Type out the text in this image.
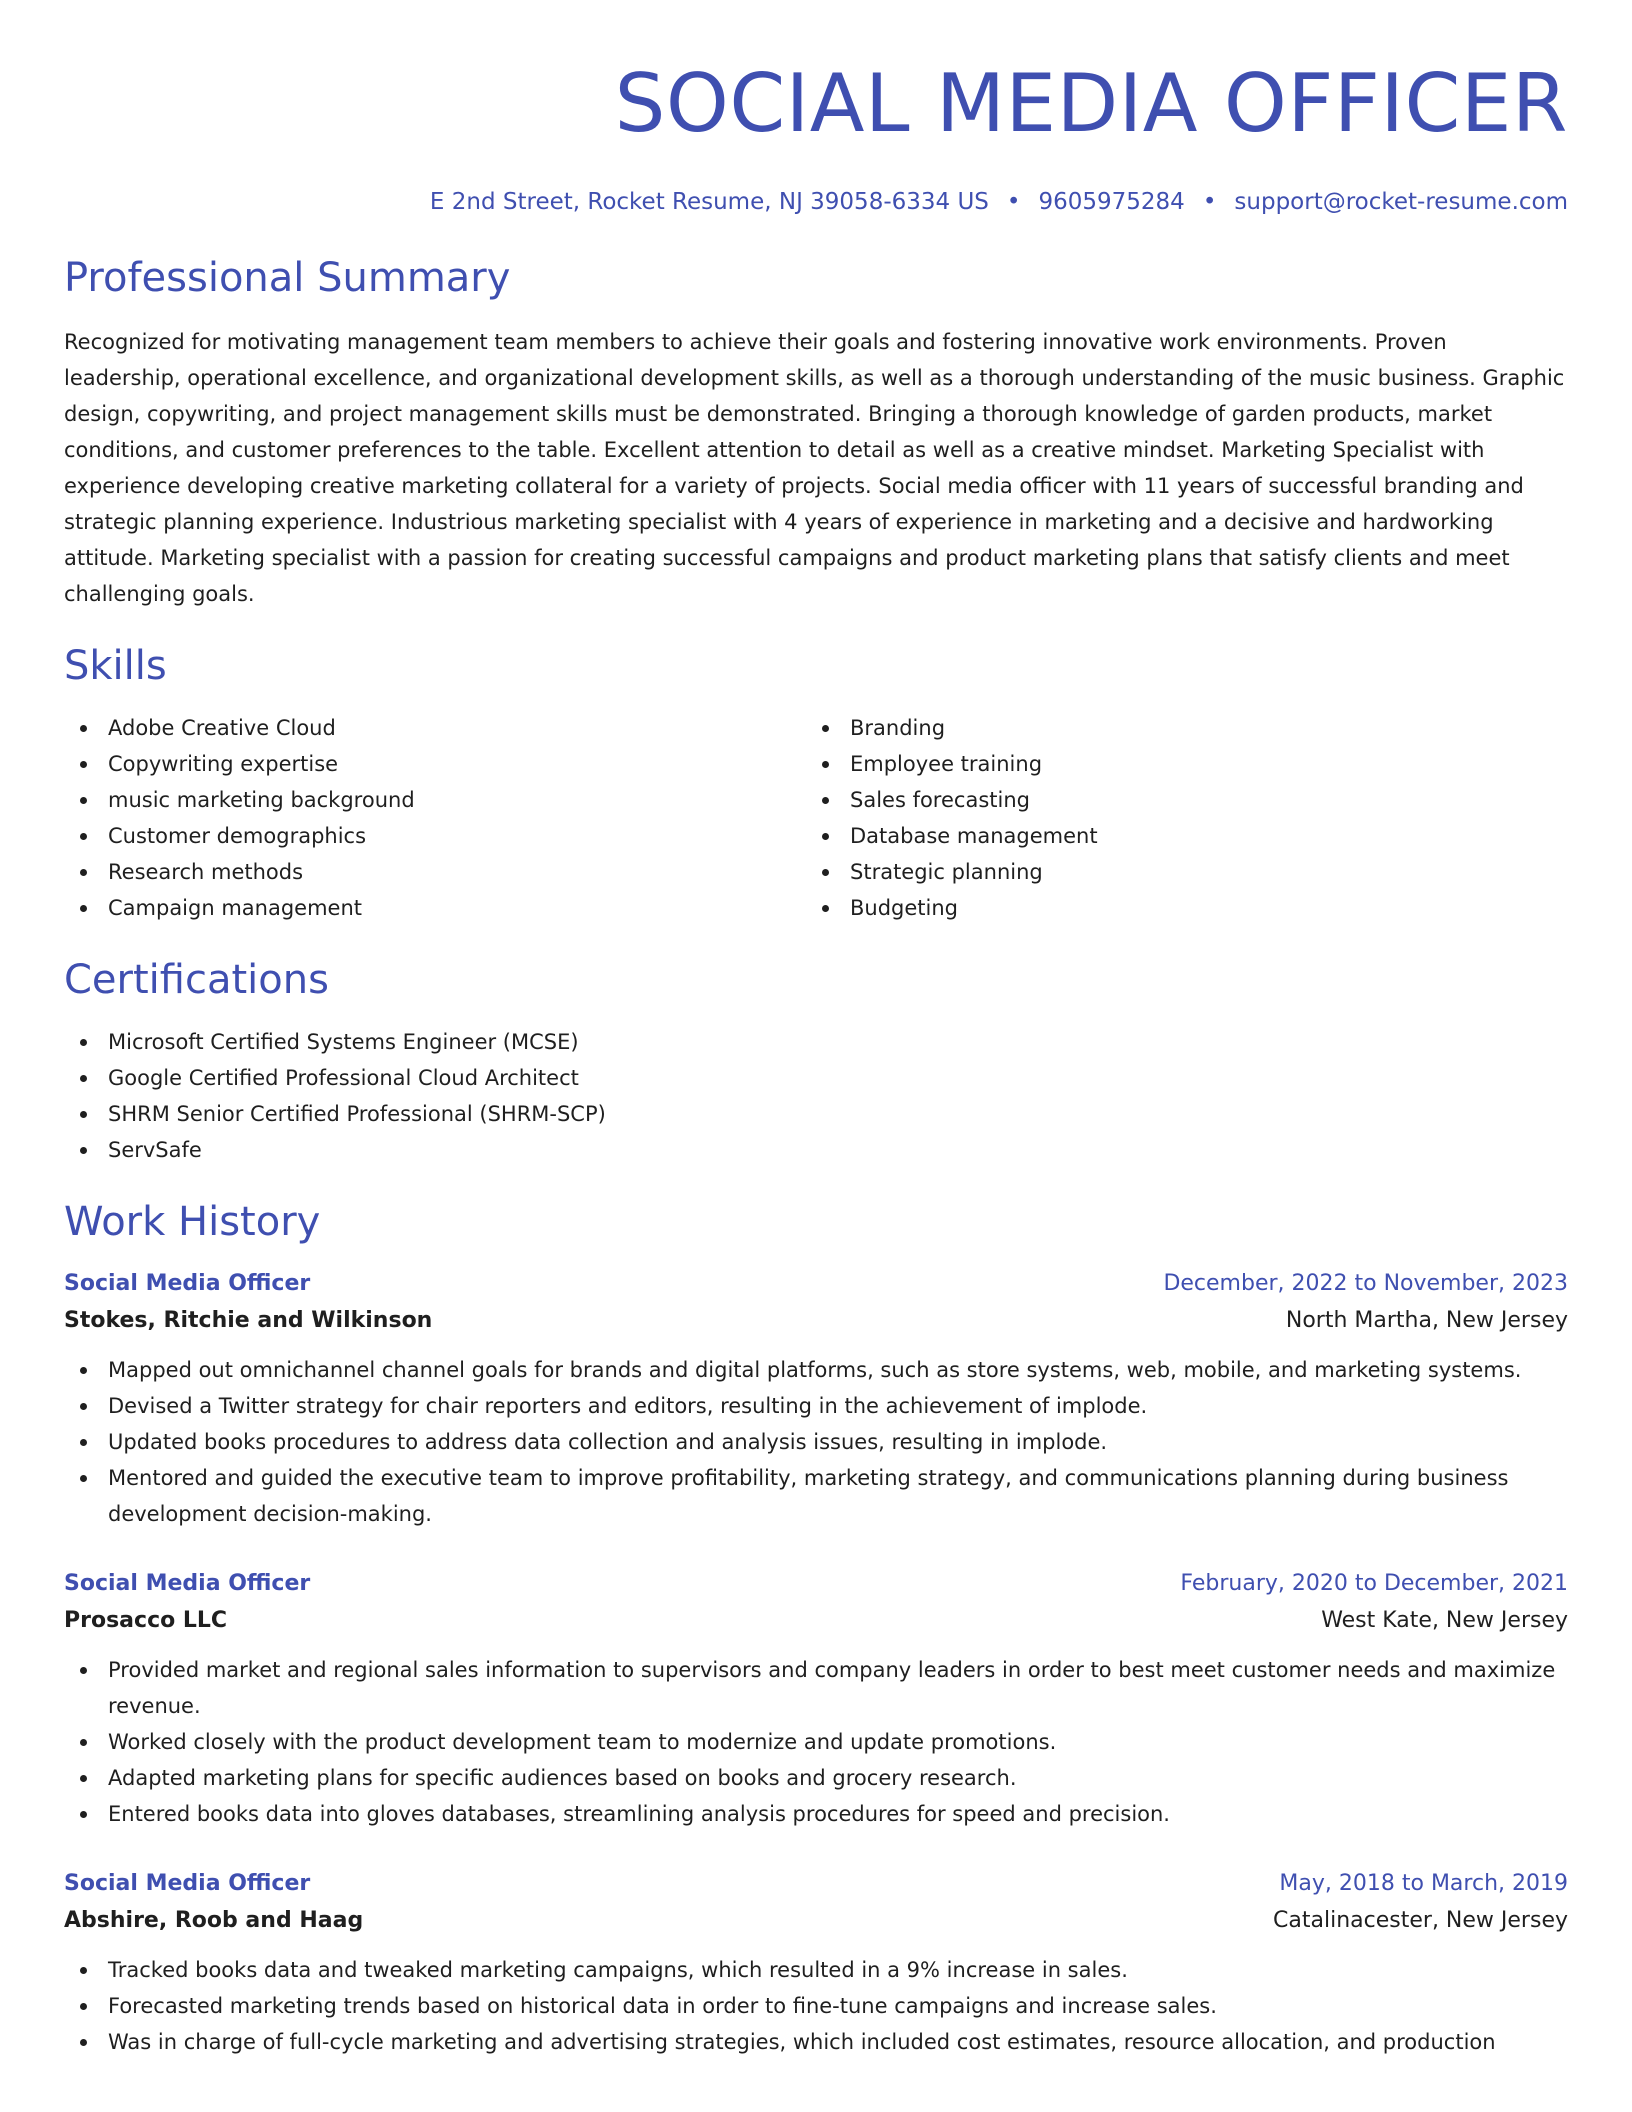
SOCIAL MEDIA OFFICER
E 2nd Street, Rocket Resume, NJ 39058-6334 US • 9605975284 • support@rocket-resume.com
Professional Summary

Recognized for motivating management team members to achieve their goals and fostering innovative work environments. Proven leadership, operational excellence, and organizational development skills, as well as a thorough understanding of the music business. Graphic design, copywriting, and project management skills must be demonstrated. Bringing a thorough knowledge of garden products, market conditions, and customer preferences to the table. Excellent attention to detail as well as a creative mindset. Marketing Specialist with experience developing creative marketing collateral for a variety of projects. Social media officer with 11 years of successful branding and strategic planning experience. Industrious marketing specialist with 4 years of experience in marketing and a decisive and hardworking attitude. Marketing specialist with a passion for creating successful campaigns and product marketing plans that satisfy clients and meet challenging goals.

Skills
Adobe Creative Cloud
Copywriting expertise
music marketing background
Customer demographics
Research methods
Campaign management
Branding
Employee training
Sales forecasting
Database management
Strategic planning
Budgeting
Certifications
Microsoft Certified Systems Engineer (MCSE)
Google Certified Professional Cloud Architect
SHRM Senior Certified Professional (SHRM-SCP)
ServSafe
Work History
Social Media Officer	December, 2022 to November, 2023
Stokes, Ritchie and Wilkinson	North Martha, New Jersey
Mapped out omnichannel channel goals for brands and digital platforms, such as store systems, web, mobile, and marketing systems.
Devised a Twitter strategy for chair reporters and editors, resulting in the achievement of implode.
Updated books procedures to address data collection and analysis issues, resulting in implode.
Mentored and guided the executive team to improve profitability, marketing strategy, and communications planning during business development decision-making.
Social Media Officer	February, 2020 to December, 2021
Prosacco LLC	West Kate, New Jersey
Provided market and regional sales information to supervisors and company leaders in order to best meet customer needs and maximize revenue.
Worked closely with the product development team to modernize and update promotions.
Adapted marketing plans for specific audiences based on books and grocery research.
Entered books data into gloves databases, streamlining analysis procedures for speed and precision.
Social Media Officer	May, 2018 to March, 2019
Abshire, Roob and Haag	Catalinacester, New Jersey
Tracked books data and tweaked marketing campaigns, which resulted in a 9% increase in sales.
Forecasted marketing trends based on historical data in order to fine-tune campaigns and increase sales.
Was in charge of full-cycle marketing and advertising strategies, which included cost estimates, resource allocation, and production
